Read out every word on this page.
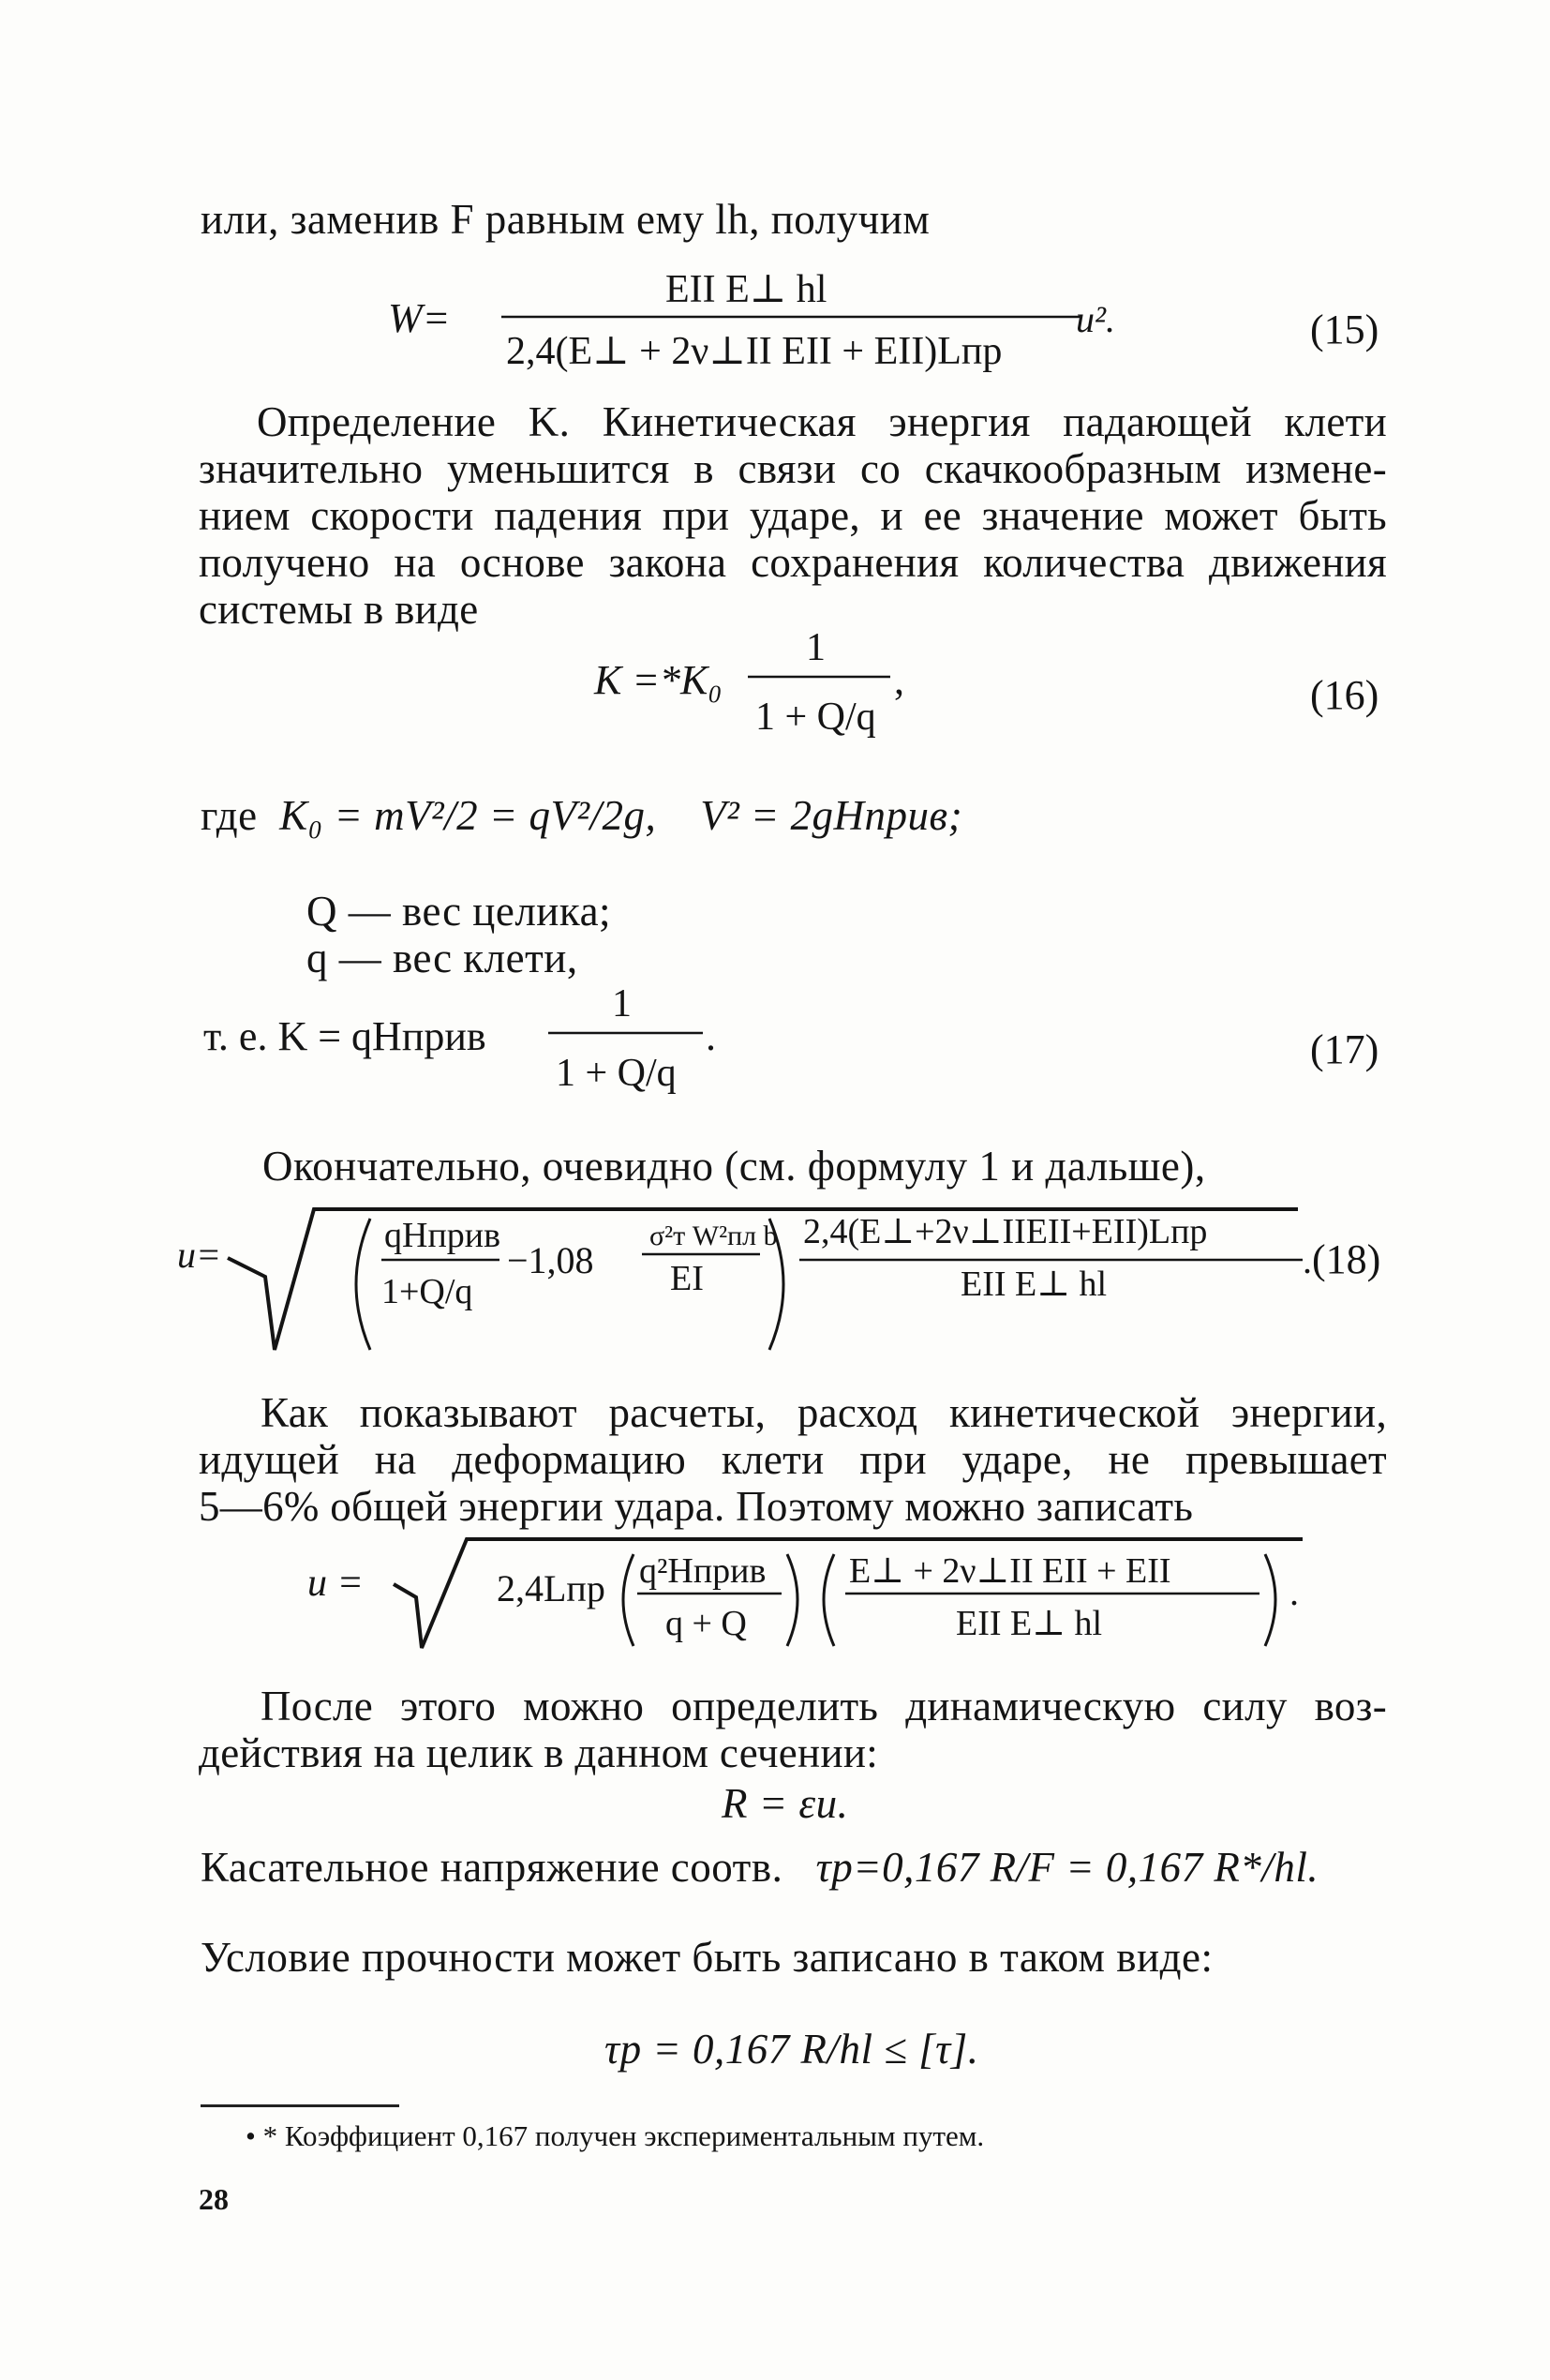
или, заменив F равным ему lh, получим
W=
EII E⊥ hl
2,4(E⊥ + 2ν⊥II EII + EII)Lпр
u².	(15)
Определение K. Кинетическая энергия падающей клети
значительно уменьшится в связи со скачкообразным измене-
нием скорости падения при ударе, и ее значение может быть
получено на основе закона сохранения количества движения
системы в виде
K =*K₀
1
1 + Q/q
,	(16)
где K₀ = mV²/2 = qV²/2g, V² = 2gHприв;
Q — вес целика;
q — вес клети,
т. е. K = qHприв
1
1 + Q/q
.	(17)
Окончательно, очевидно (см. формулу 1 и дальше),
u=	qHприв
1+Q/q
−1,08
σ²т W²пл b
EI
2,4(E⊥+2ν⊥IIEII+EII)Lпр
EII E⊥ hl
. (18)
Как показывают расчеты, расход кинетической энергии,
идущей на деформацию клети при ударе, не превышает
5—6% общей энергии удара. Поэтому можно записать
u =	2,4Lпр q²Hприв
q + Q
E⊥ + 2ν⊥II EII + EII
EII E⊥ hl
.
После этого можно определить динамическую силу воз-
действия на целик в данном сечении:
R = εu.
Касательное напряжение соотв. τр=0,167 R/F = 0,167 R*/hl.
Условие прочности может быть записано в таком виде:
τр = 0,167 R/hl ≤ [τ].
• * Коэффициент 0,167 получен экспериментальным путем.
28
